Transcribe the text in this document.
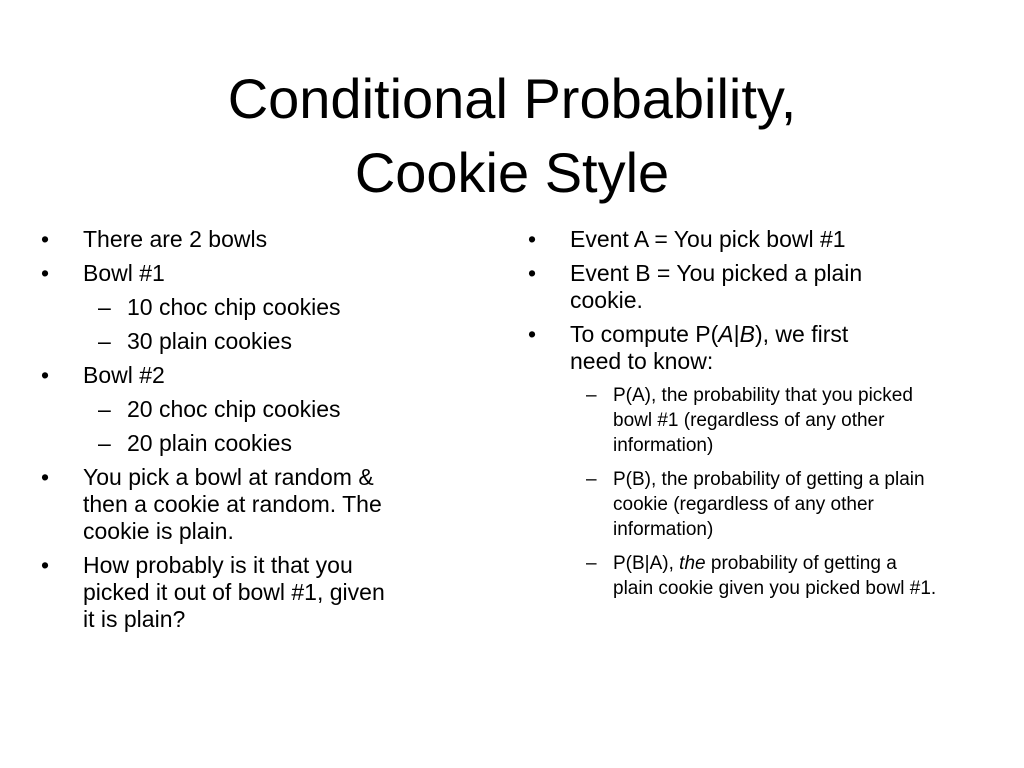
Conditional Probability,
Cookie Style
•	There are 2 bowls
•	Bowl #1
– 10 choc chip cookies
– 30 plain cookies
•	Bowl #2
– 20 choc chip cookies
– 20 plain cookies
•	You pick a bowl at random & then a cookie at random. The cookie is plain.
•	How probably is it that you picked it out of bowl #1, given it is plain?
•	Event A = You pick bowl #1
•	Event B = You picked a plain cookie.
•	To compute P(A|B), we first need to know:
– P(A), the probability that you picked bowl #1 (regardless of any other information)
– P(B), the probability of getting a plain cookie (regardless of any other information)
– P(B|A), the probability of getting a plain cookie given you picked bowl #1.
